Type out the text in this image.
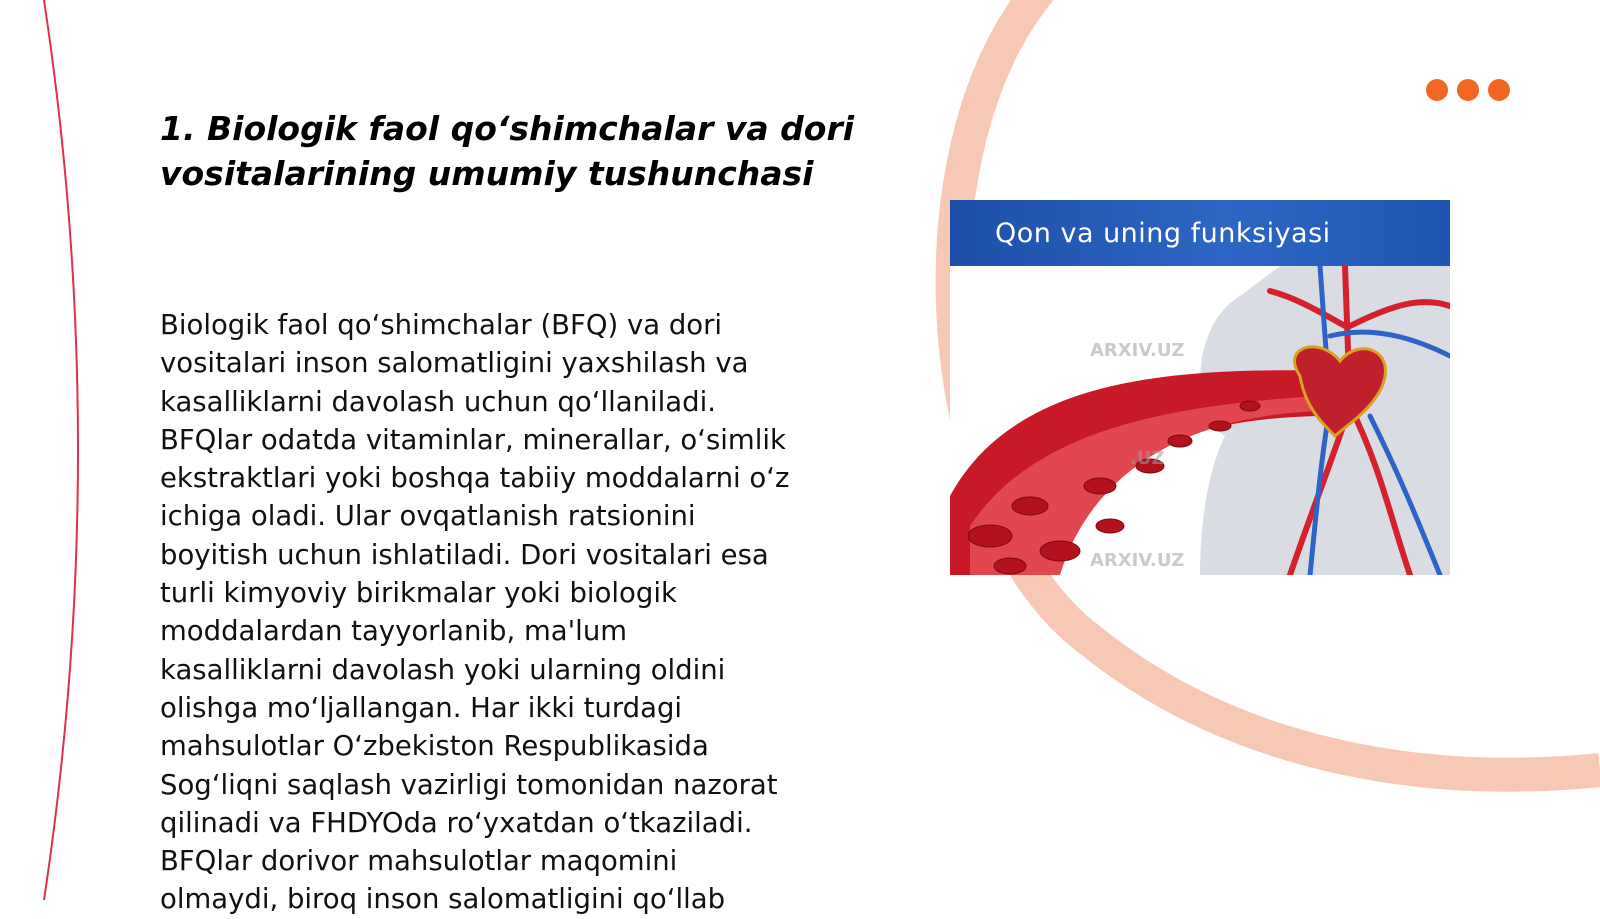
1. Biologik faol qo‘shimchalar va dori vositalarining umumiy tushunchasi

Biologik faol qo‘shimchalar (BFQ) va dori
vositalari inson salomatligini yaxshilash va
kasalliklarni davolash uchun qo‘llaniladi.
BFQlar odatda vitaminlar, minerallar, o‘simlik
ekstraktlari yoki boshqa tabiiy moddalarni o‘z
ichiga oladi. Ular ovqatlanish ratsionini
boyitish uchun ishlatiladi. Dori vositalari esa
turli kimyoviy birikmalar yoki biologik
moddalardan tayyorlanib, ma'lum
kasalliklarni davolash yoki ularning oldini
olishga mo‘ljallangan. Har ikki turdagi
mahsulotlar O‘zbekiston Respublikasida
Sog‘liqni saqlash vazirligi tomonidan nazorat
qilinadi va FHDYOda ro‘yxatdan o‘tkaziladi.
BFQlar dorivor mahsulotlar maqomini
olmaydi, biroq inson salomatligini qo‘llab

Qon va uning funksiyasi
ARXIV.UZ
.UZ
ARXIV.UZ
